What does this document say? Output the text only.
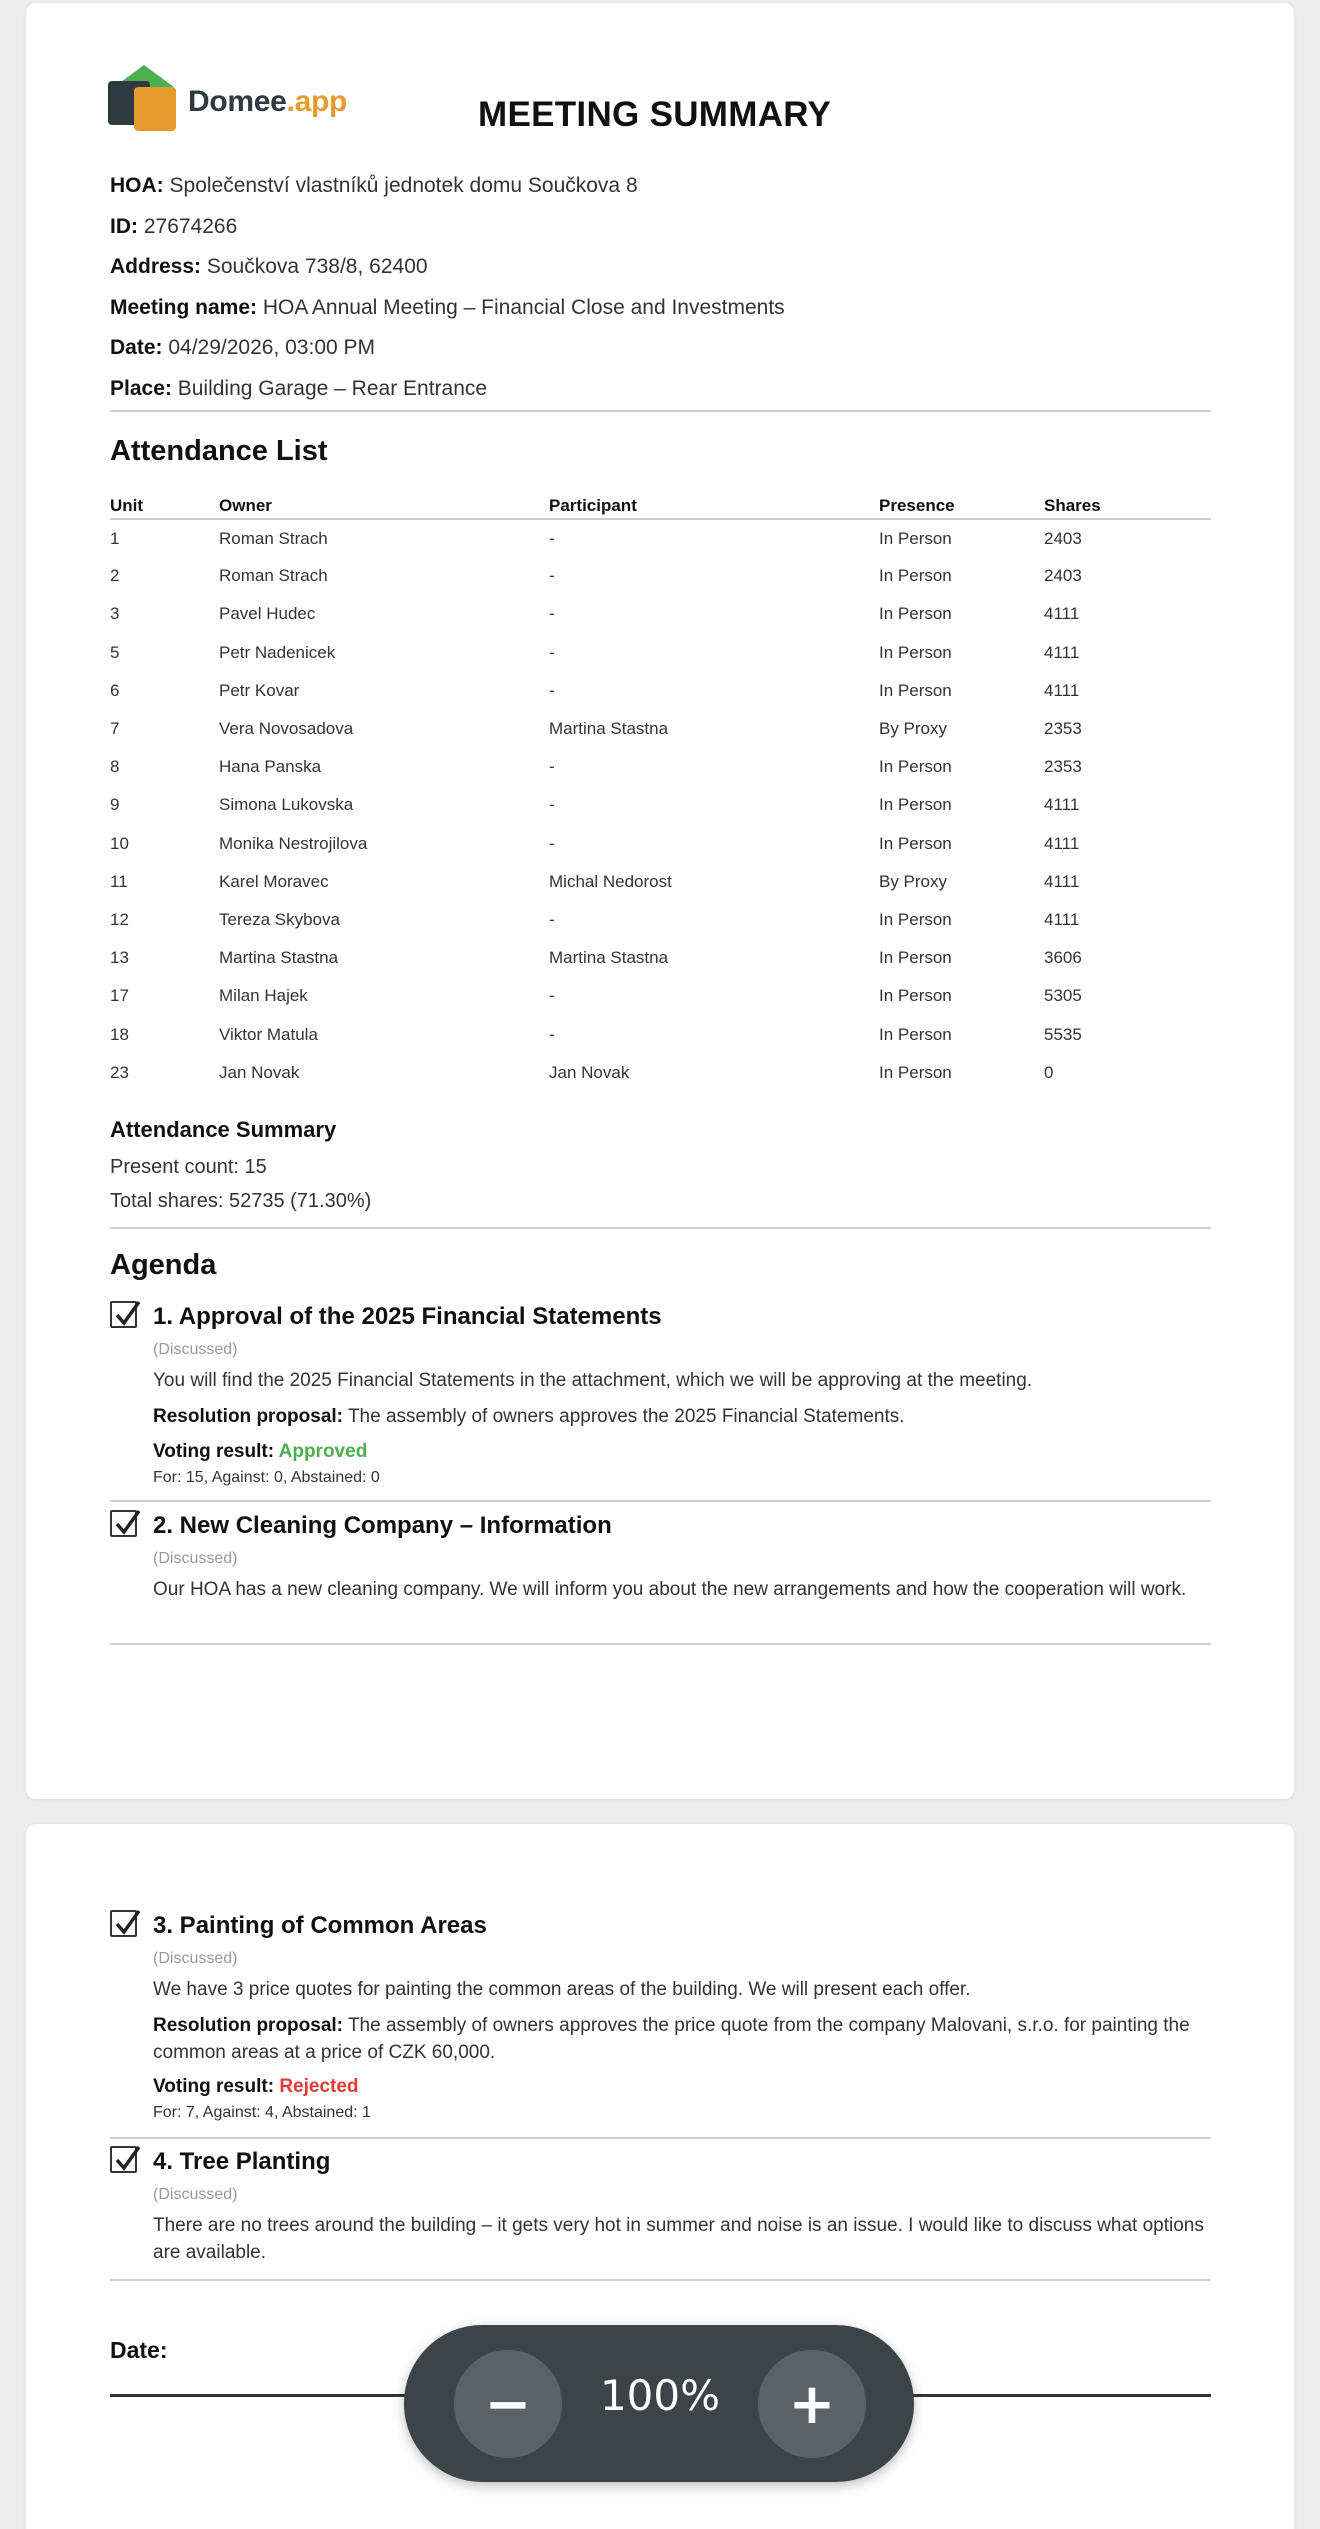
Domee.app	MEETING SUMMARY
HOA: Společenství vlastníků jednotek domu Součkova 8
ID: 27674266
Address: Součkova 738/8, 62400
Meeting name: HOA Annual Meeting – Financial Close and Investments
Date: 04/29/2026, 03:00 PM
Place: Building Garage – Rear Entrance
Attendance List
Unit	Owner	Participant	Presence	Shares
1	Roman Strach	-	In Person	2403
2	Roman Strach	-	In Person	2403
3	Pavel Hudec	-	In Person	4111
5	Petr Nadenicek	-	In Person	4111
6	Petr Kovar	-	In Person	4111
7	Vera Novosadova	Martina Stastna	By Proxy	2353
8	Hana Panska	-	In Person	2353
9	Simona Lukovska	-	In Person	4111
10	Monika Nestrojilova	-	In Person	4111
11	Karel Moravec	Michal Nedorost	By Proxy	4111
12	Tereza Skybova	-	In Person	4111
13	Martina Stastna	Martina Stastna	In Person	3606
17	Milan Hajek	-	In Person	5305
18	Viktor Matula	-	In Person	5535
23	Jan Novak	Jan Novak	In Person	0
Attendance Summary
Present count: 15
Total shares: 52735 (71.30%)
Agenda
1. Approval of the 2025 Financial Statements
(Discussed)
You will find the 2025 Financial Statements in the attachment, which we will be approving at the meeting.
Resolution proposal: The assembly of owners approves the 2025 Financial Statements.
Voting result: Approved
For: 15, Against: 0, Abstained: 0
2. New Cleaning Company – Information
(Discussed)
Our HOA has a new cleaning company. We will inform you about the new arrangements and how the cooperation will work.
3. Painting of Common Areas
(Discussed)
We have 3 price quotes for painting the common areas of the building. We will present each offer.
Resolution proposal: The assembly of owners approves the price quote from the company Malovani, s.r.o. for painting the common areas at a price of CZK 60,000.
Voting result: Rejected
For: 7, Against: 4, Abstained: 1
4. Tree Planting
(Discussed)
There are no trees around the building – it gets very hot in summer and noise is an issue. I would like to discuss what options are available.
Date:
−	100%	+
